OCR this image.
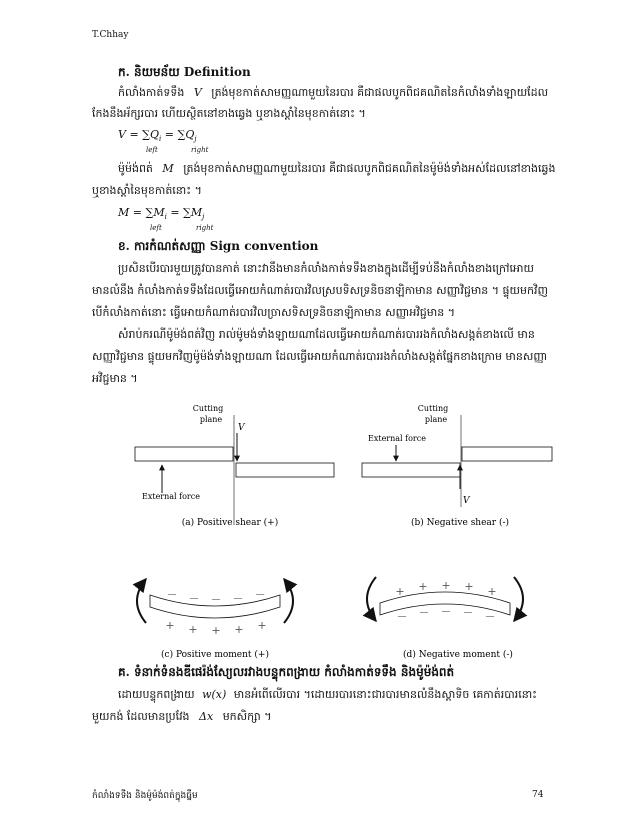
T.Chhay
ក. និយមន័យ Definition
កំលាំងកាត់ទទឹង V ត្រង់មុខកាត់សាមញ្ញណាមួយនៃរបារ គឺជាផលបូកពិជគណិតនៃកំលាំងទាំងឡាយដែល
កែងនឹងអ័ក្សរបារ ហើយស្ថិតនៅខាងឆ្វេង ឬខាងស្តាំនៃមុខកាត់នោះ ។
$V = \sum Q_i = \sum Q_j$
left	right
ម៉ូម៉ង់ពត់ M ត្រង់មុខកាត់សាមញ្ញណាមួយនៃរបារ គឺជាផលបូកពិជគណិតនៃម៉ូម៉ង់ទាំងអស់ដែលនៅខាងឆ្វេង
ឬខាងស្តាំនៃមុខកាត់នោះ ។
$M = \sum M_i = \sum M_j$
left	right
ខ. ការកំណត់សញ្ញា Sign convention
ប្រសិនបើរបារមួយត្រូវបានកាត់ នោះវានឹងមានកំលាំងកាត់ទទឹងខាងក្នុងដើម្បីទប់នឹងកំលាំងខាងក្រៅអោយ
មានលំនឹង កំលាំងកាត់ទទឹងដែលធ្វើអោយកំណាត់របារវិលស្របទិសទ្រនិចនាឡិកាមាន សញ្ញាវិជ្ជមាន ។ ផ្ទុយមកវិញ
បើកំលាំងកាត់នោះ ធ្វើអោយកំណាត់របារវិលច្រាសទិសទ្រនិចនាឡិកាមាន សញ្ញាអវិជ្ជមាន ។
សំរាប់ករណីម៉ូម៉ង់ពត់វិញ រាល់ម៉ូមង់ទាំងឡាយណាដែលធ្វើអោយកំណាត់របាររងកំលាំងសង្កត់ខាងលើ មាន
សញ្ញាវិជ្ជមាន ផ្ទុយមកវិញម៉ូម៉ង់ទាំងឡាយណា ដែលធ្វើអោយកំណាត់របាររងកំលាំងសង្កត់ផ្នែកខាងក្រោម មានសញ្ញា
អវិជ្ជមាន ។
Cutting
plane
V
External force
(a) Positive shear (+)
Cutting
plane
External force
V
(b) Negative shear (-)
— — — — —
+ + + + +
(c) Positive moment (+)
+ + + + +
— — — — —
(d) Negative moment (-)
គ. ទំនាក់ទំនងឌីផេរ៉ង់ស្យែលរវាងបន្ទុកពង្រាយ កំលាំងកាត់ទទឹង និងម៉ូម៉ង់ពត់
ដោយបន្ទុកពង្រាយ w(x) មានអំពើលើរបារ ។ដោយរបារនោះជារបារមានលំនឹងស្តាទិច គេកាត់របារនោះ
មួយកង់ ដែលមានប្រវែង Δx មកសិក្សា ។
កំលាំងទទឹង និងម៉ូម៉ង់ពត់ក្នុងធ្នឹម	74
